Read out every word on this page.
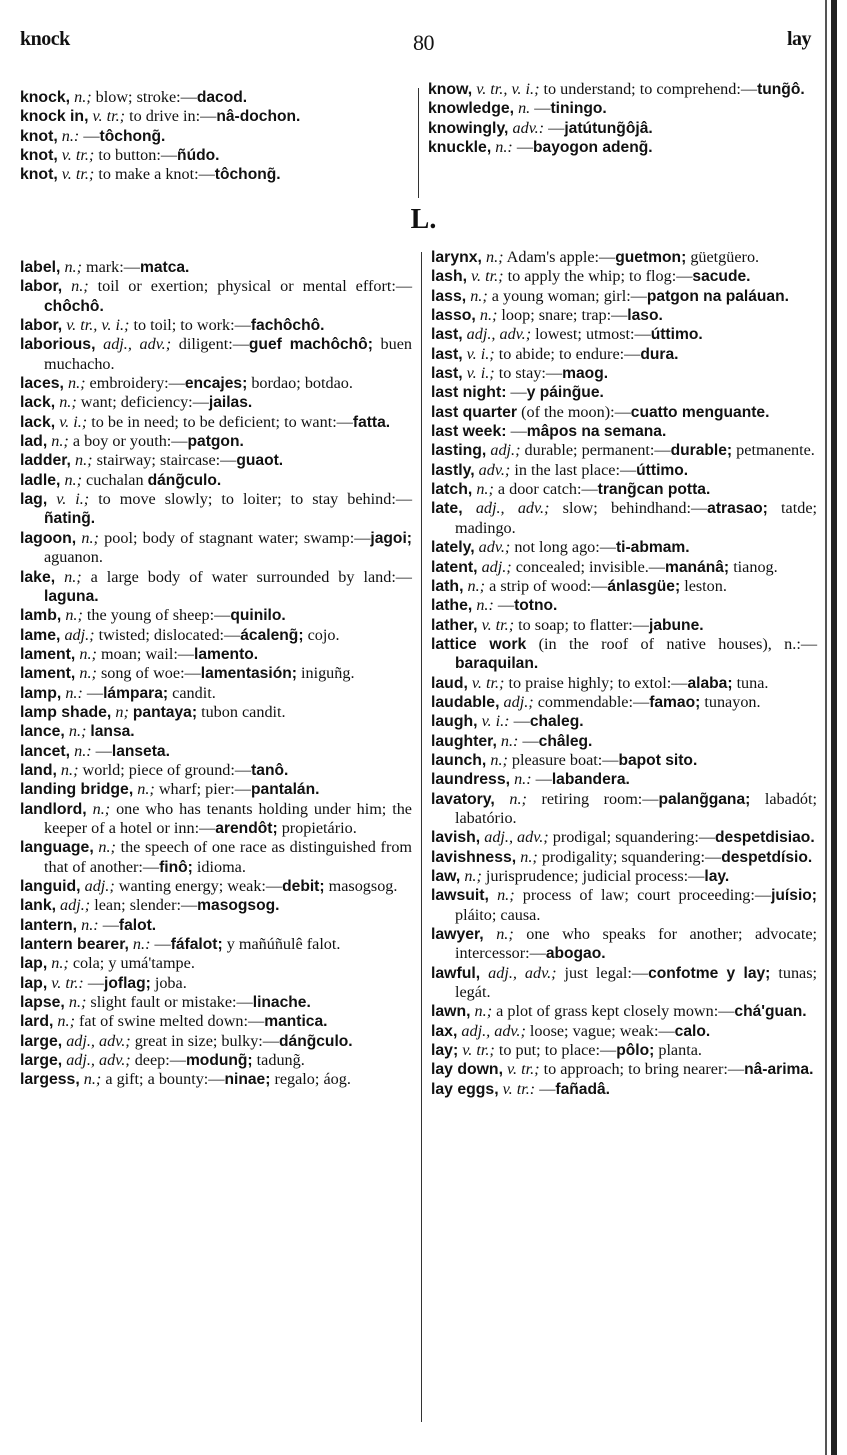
knock	80	lay

knock, n.; blow; stroke:—dacod.

knock in, v. tr.; to drive in:—nâ-dochon.

knot, n.: —tôchong̃.

knot, v. tr.; to button:—ñúdo.

knot, v. tr.; to make a knot:—tôchong̃.

know, v. tr., v. i.; to understand; to comprehend:—tung̃ô.

knowledge, n. —tiningo.

knowingly, adv.: —jatútung̃ôjâ.

knuckle, n.: —bayogon adeng̃.

L.

label, n.; mark:—matca.

labor, n.; toil or exertion; physical or mental effort:—chôchô.

labor, v. tr., v. i.; to toil; to work:—fachôchô.

laborious, adj., adv.; diligent:—guef machôchô; buen muchacho.

laces, n.; embroidery:—encajes; bordao; botdao.

lack, n.; want; deficiency:—jailas.

lack, v. i.; to be in need; to be deficient; to want:—fatta.

lad, n.; a boy or youth:—patgon.

ladder, n.; stairway; staircase:—guaot.

ladle, n.; cuchalan dáng̃culo.

lag, v. i.; to move slowly; to loiter; to stay behind:—ñating̃.

lagoon, n.; pool; body of stagnant water; swamp:—jagoi; aguanon.

lake, n.; a large body of water surrounded by land:—laguna.

lamb, n.; the young of sheep:—quinilo.

lame, adj.; twisted; dislocated:—ácaleng̃; cojo.

lament, n.; moan; wail:—lamento.

lament, n.; song of woe:—lamentasión; iniguñg.

lamp, n.: —lámpara; candit.

lamp shade, n; pantaya; tubon candit.

lance, n.; lansa.

lancet, n.: —lanseta.

land, n.; world; piece of ground:—tanô.

landing bridge, n.; wharf; pier:—pantalán.

landlord, n.; one who has tenants holding under him; the keeper of a hotel or inn:—arendôt; propietário.

language, n.; the speech of one race as distinguished from that of another:—finô; idioma.

languid, adj.; wanting energy; weak:—debit; masogsog.

lank, adj.; lean; slender:—masogsog.

lantern, n.: —falot.

lantern bearer, n.: —fáfalot; y mañúñulê falot.

lap, n.; cola; y umá'tampe.

lap, v. tr.: —joflag; joba.

lapse, n.; slight fault or mistake:—linache.

lard, n.; fat of swine melted down:—mantica.

large, adj., adv.; great in size; bulky:—dáng̃culo.

large, adj., adv.; deep:—modung̃; tadung̃.

largess, n.; a gift; a bounty:—ninae; regalo; áog.

larynx, n.; Adam's apple:—guetmon; güetgüero.

lash, v. tr.; to apply the whip; to flog:—sacude.

lass, n.; a young woman; girl:—patgon na paláuan.

lasso, n.; loop; snare; trap:—laso.

last, adj., adv.; lowest; utmost:—úttimo.

last, v. i.; to abide; to endure:—dura.

last, v. i.; to stay:—maog.

last night: —y páing̃ue.

last quarter (of the moon):—cuatto menguante.

last week: —mâpos na semana.

lasting, adj.; durable; permanent:—durable; petmanente.

lastly, adv.; in the last place:—úttimo.

latch, n.; a door catch:—trang̃can potta.

late, adj., adv.; slow; behindhand:—atrasao; tatde; madingo.

lately, adv.; not long ago:—ti-abmam.

latent, adj.; concealed; invisible.—manánâ; tianog.

lath, n.; a strip of wood:—ánlasgüe; leston.

lathe, n.: —totno.

lather, v. tr.; to soap; to flatter:—jabune.

lattice work (in the roof of native houses), n.:—baraquilan.

laud, v. tr.; to praise highly; to extol:—alaba; tuna.

laudable, adj.; commendable:—famao; tunayon.

laugh, v. i.: —chaleg.

laughter, n.: —châleg.

launch, n.; pleasure boat:—bapot sito.

laundress, n.: —labandera.

lavatory, n.; retiring room:—palang̃gana; labadót; labatório.

lavish, adj., adv.; prodigal; squandering:—despetdisiao.

lavishness, n.; prodigality; squandering:—despetdísio.

law, n.; jurisprudence; judicial process:—lay.

lawsuit, n.; process of law; court proceeding:—juísio; pláito; causa.

lawyer, n.; one who speaks for another; advocate; intercessor:—abogao.

lawful, adj., adv.; just legal:—confotme y lay; tunas; legát.

lawn, n.; a plot of grass kept closely mown:—chá'guan.

lax, adj., adv.; loose; vague; weak:—calo.

lay; v. tr.; to put; to place:—pôlo; planta.

lay down, v. tr.; to approach; to bring nearer:—nâ-arima.

lay eggs, v. tr.: —fañadâ.
